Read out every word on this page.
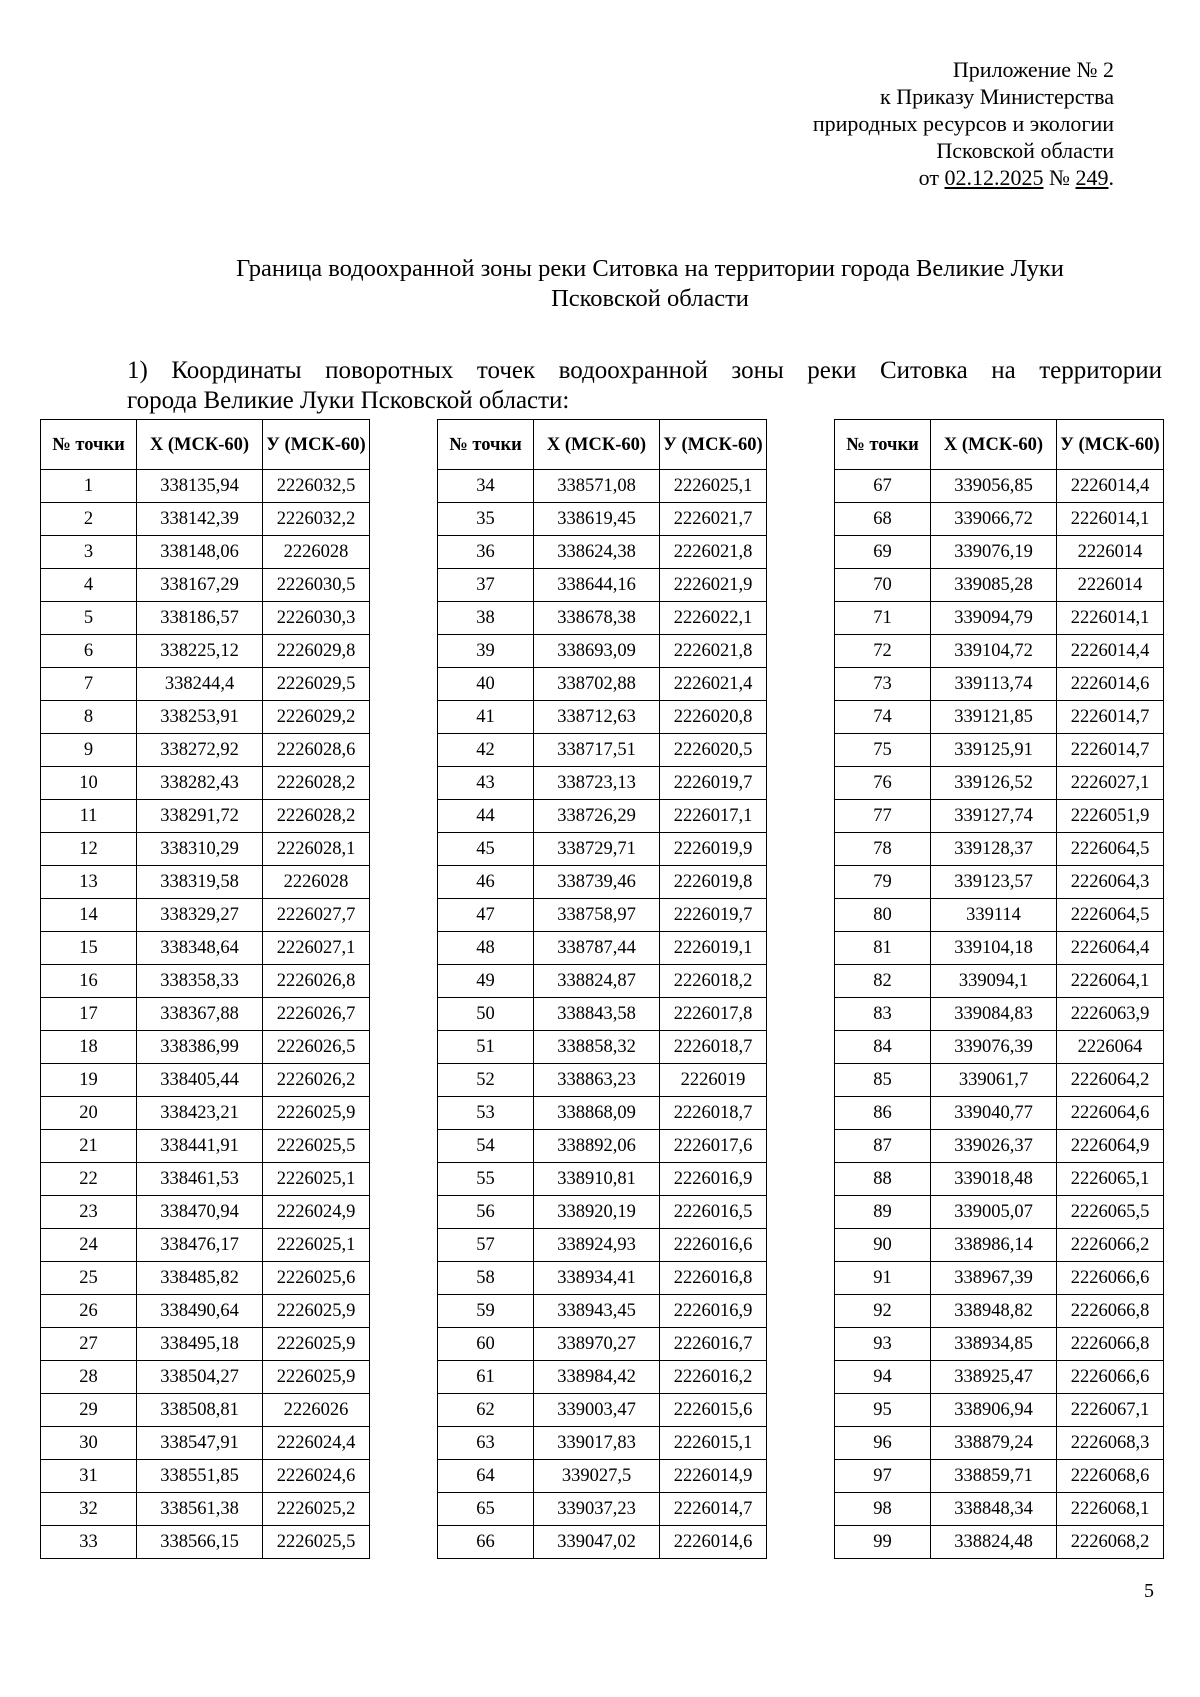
Приложение № 2
к Приказу Министерства
природных ресурсов и экологии
Псковской области
от 02.12.2025 № 249.
Граница водоохранной зоны реки Ситовка на территории города Великие Луки
Псковской области
1) Координаты поворотных точек водоохранной зоны реки Ситовка на территории
города Великие Луки Псковской области:
№ точки	Х (МСК-60)	У (МСК-60)
1	338135,94	2226032,5
2	338142,39	2226032,2
3	338148,06	2226028
4	338167,29	2226030,5
5	338186,57	2226030,3
6	338225,12	2226029,8
7	338244,4	2226029,5
8	338253,91	2226029,2
9	338272,92	2226028,6
10	338282,43	2226028,2
11	338291,72	2226028,2
12	338310,29	2226028,1
13	338319,58	2226028
14	338329,27	2226027,7
15	338348,64	2226027,1
16	338358,33	2226026,8
17	338367,88	2226026,7
18	338386,99	2226026,5
19	338405,44	2226026,2
20	338423,21	2226025,9
21	338441,91	2226025,5
22	338461,53	2226025,1
23	338470,94	2226024,9
24	338476,17	2226025,1
25	338485,82	2226025,6
26	338490,64	2226025,9
27	338495,18	2226025,9
28	338504,27	2226025,9
29	338508,81	2226026
30	338547,91	2226024,4
31	338551,85	2226024,6
32	338561,38	2226025,2
33	338566,15	2226025,5
№ точки	Х (МСК-60)	У (МСК-60)
34	338571,08	2226025,1
35	338619,45	2226021,7
36	338624,38	2226021,8
37	338644,16	2226021,9
38	338678,38	2226022,1
39	338693,09	2226021,8
40	338702,88	2226021,4
41	338712,63	2226020,8
42	338717,51	2226020,5
43	338723,13	2226019,7
44	338726,29	2226017,1
45	338729,71	2226019,9
46	338739,46	2226019,8
47	338758,97	2226019,7
48	338787,44	2226019,1
49	338824,87	2226018,2
50	338843,58	2226017,8
51	338858,32	2226018,7
52	338863,23	2226019
53	338868,09	2226018,7
54	338892,06	2226017,6
55	338910,81	2226016,9
56	338920,19	2226016,5
57	338924,93	2226016,6
58	338934,41	2226016,8
59	338943,45	2226016,9
60	338970,27	2226016,7
61	338984,42	2226016,2
62	339003,47	2226015,6
63	339017,83	2226015,1
64	339027,5	2226014,9
65	339037,23	2226014,7
66	339047,02	2226014,6
№ точки	Х (МСК-60)	У (МСК-60)
67	339056,85	2226014,4
68	339066,72	2226014,1
69	339076,19	2226014
70	339085,28	2226014
71	339094,79	2226014,1
72	339104,72	2226014,4
73	339113,74	2226014,6
74	339121,85	2226014,7
75	339125,91	2226014,7
76	339126,52	2226027,1
77	339127,74	2226051,9
78	339128,37	2226064,5
79	339123,57	2226064,3
80	339114	2226064,5
81	339104,18	2226064,4
82	339094,1	2226064,1
83	339084,83	2226063,9
84	339076,39	2226064
85	339061,7	2226064,2
86	339040,77	2226064,6
87	339026,37	2226064,9
88	339018,48	2226065,1
89	339005,07	2226065,5
90	338986,14	2226066,2
91	338967,39	2226066,6
92	338948,82	2226066,8
93	338934,85	2226066,8
94	338925,47	2226066,6
95	338906,94	2226067,1
96	338879,24	2226068,3
97	338859,71	2226068,6
98	338848,34	2226068,1
99	338824,48	2226068,2
5
